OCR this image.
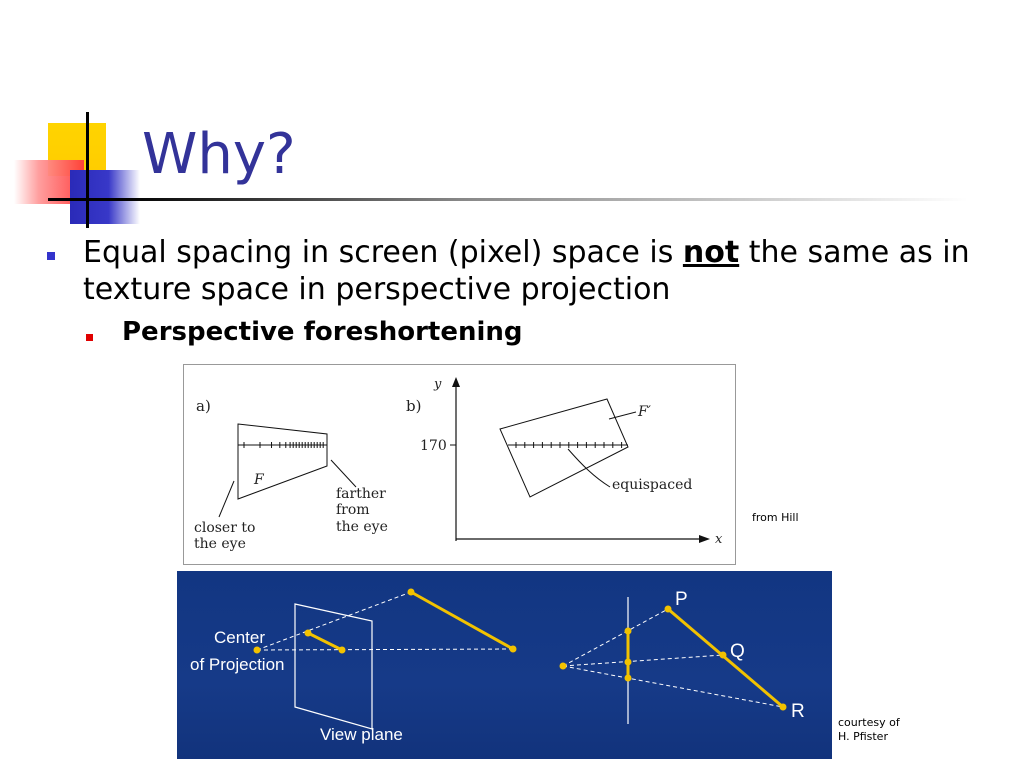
Why?
Equal spacing in screen (pixel) space is not the same as in texture space in perspective projection
Perspective foreshortening
a)	b)
F
closer to
the eye
farther
from
the eye
y
x
170
F′
equispaced
from Hill
Center
of Projection
View plane
P
Q
R
courtesy of
H. Pfister
